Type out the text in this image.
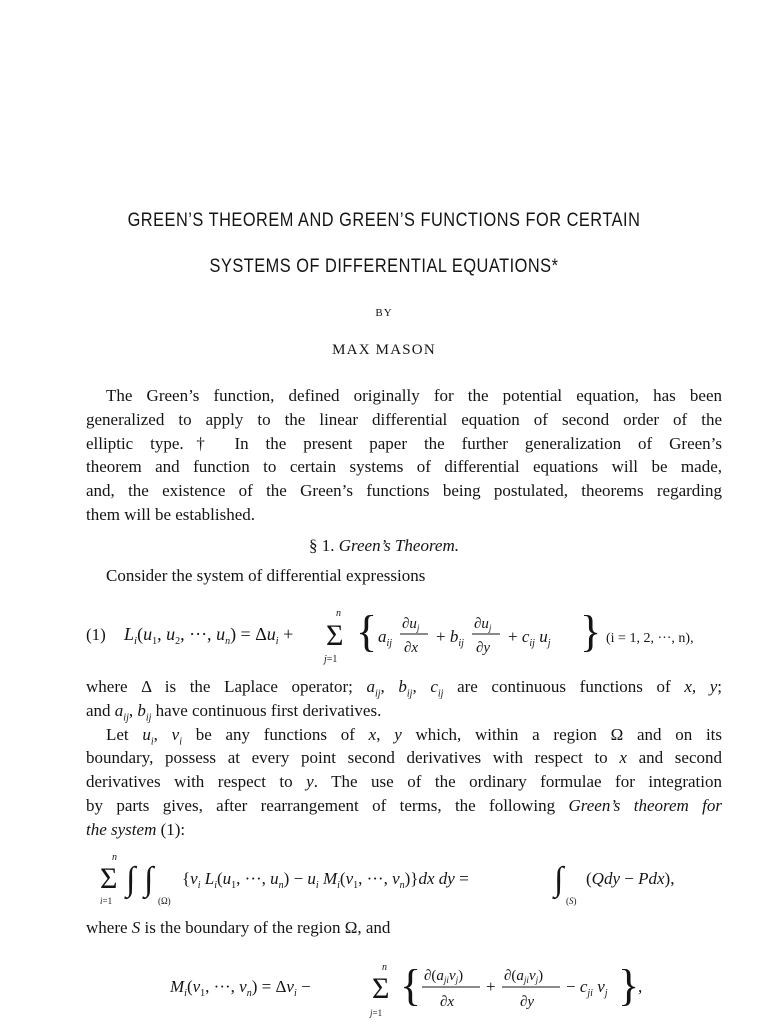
GREEN’S THEOREM AND GREEN’S FUNCTIONS FOR CERTAIN
SYSTEMS OF DIFFERENTIAL EQUATIONS*
BY
MAX MASON
The Green’s function, defined originally for the potential equation, has been
generalized to apply to the linear differential equation of second order of the
elliptic type.† In the present paper the further generalization of Green’s
theorem and function to certain systems of differential equations will be made,
and, the existence of the Green’s functions being postulated, theorems regarding
them will be established.
§ 1. Green’s Theorem.
Consider the system of differential expressions
(1) $L_i(u_1$, $u_2$, ···, $u_n) = \Delta u_i$ +
n
Σ
j=1
{ $a_{ij}$
$\partial u_j$
∂x
+ $b_{ij}$
$\partial u_j$
∂y
+ $c_{ij}$ $u_j$ } (i = 1, 2, ···, n),
where Δ is the Laplace operator; $a_{ij}$, $b_{ij}$, $c_{ij}$ are continuous functions of x, y;
and $a_{ij}$, $b_{ij}$ have continuous first derivatives.
Let $u_i$, $v_i$ be any functions of x, y which, within a region Ω and on its
boundary, possess at every point second derivatives with respect to x and second
derivatives with respect to y. The use of the ordinary formulae for integration
by parts gives, after rearrangement of terms, the following Green’s theorem for
the system (1):
n
Σ
i=1
∫ ∫
(Ω)
{$v_i$ $L_i(u_1$, ···, $u_n) - u_i$ $M_i(v_1$, ···, $v_n)\}dx$ dy =	∫
(S)
(Qdy − Pdx),
where S is the boundary of the region Ω, and
$M_i(v_1$, ···, $v_n) = \Delta v_i$ −
n
Σ
j=1
{ $\partial(a_{ji}v_j)$
∂x
+
$\partial(a_{ji}v_j)$
∂y
− $c_{ji}$ $v_j$ }
,
